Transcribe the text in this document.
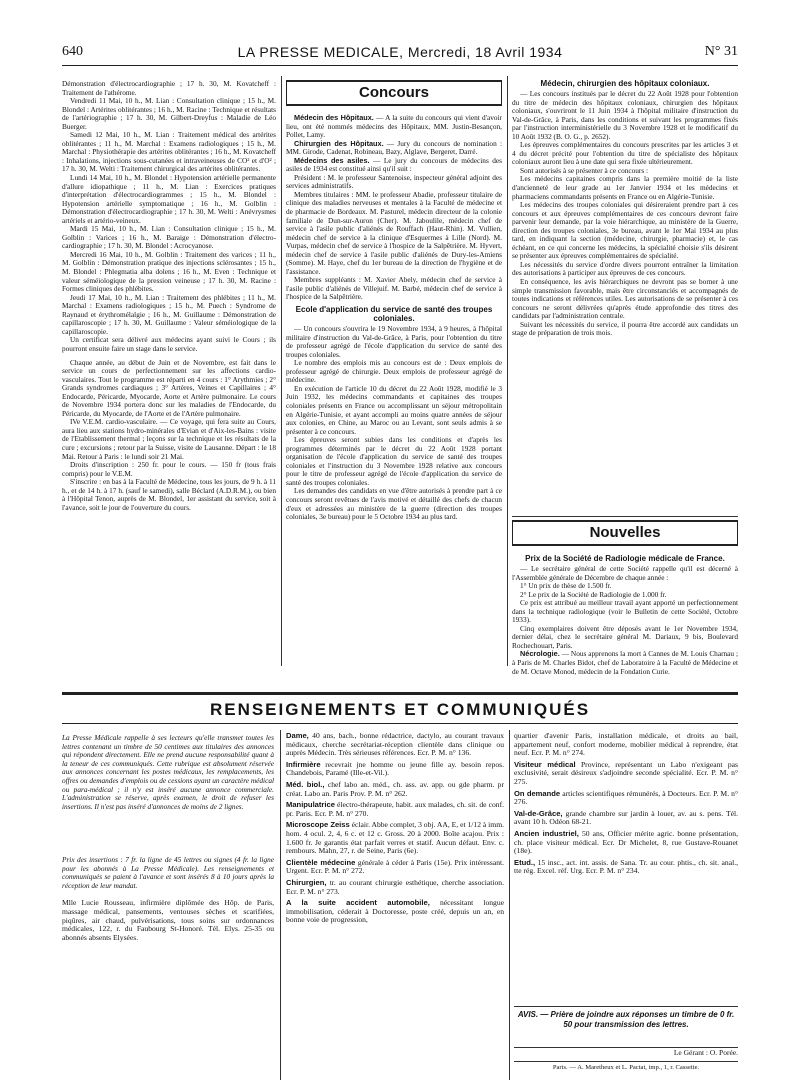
640	LA PRESSE MEDICALE, Mercredi, 18 Avril 1934	N° 31

Démonstration d'électrocardiographie ; 17 h. 30, M. Kovatcheff : Traitement de l'athérome.

Vendredi 11 Mai, 10 h., M. Lian : Consultation clinique ; 15 h., M. Blondel : Artérites oblitérantes ; 16 h., M. Racine : Technique et résultats de l'artériographie ; 17 h. 30, M. Gilbert-Dreyfus : Maladie de Léo Buerger.

Samedi 12 Mai, 10 h., M. Lian : Traitement médical des artérites oblitérantes ; 11 h., M. Marchal : Examens radiologiques ; 15 h., M. Marchal : Physiothérapie des artérites oblitérantes ; 16 h., M. Kovatcheff : Inhalations, injections sous-cutanées et intraveineuses de CO² et d'O² ; 17 h. 30, M. Welti : Traitement chirurgical des artérites oblitérantes.

Lundi 14 Mai, 10 h., M. Blondel : Hypotension artérielle permanente d'allure idiopathique ; 11 h., M. Lian : Exercices pratiques d'interprétation d'électrocardiogrammes ; 15 h., M. Blondel : Hypotension artérielle symptomatique ; 16 h., M. Golblin : Démonstration d'électrocardiographie ; 17 h. 30, M. Welti : Anévrysmes artériels et artério-veineux.

Mardi 15 Mai, 10 h., M. Lian : Consultation clinique ; 15 h., M. Golblin : Varices ; 16 h., M. Baraige : Démonstration d'électro-cardiographie ; 17 h. 30, M. Blondel : Acrocyanose.

Mercredi 16 Mai, 10 h., M. Golblin : Traitement des varices ; 11 h., M. Golblin : Démonstration pratique des injections sclérosantes ; 15 h., M. Blondel : Phlegmatia alba dolens ; 16 h., M. Even : Technique et valeur séméiologique de la pression veineuse ; 17 h. 30, M. Racine : Formes cliniques des phlébites.

Jeudi 17 Mai, 10 h., M. Lian : Traitement des phlébites ; 11 h., M. Marchal : Examens radiologiques ; 15 h., M. Puech : Syndrome de Raynaud et érythromélalgie ; 16 h., M. Guillaume : Démonstration de capillaroscopie ; 17 h. 30, M. Guillaume : Valeur séméiologique de la capillaroscopie.

Un certificat sera délivré aux médecins ayant suivi le Cours ; ils pourront ensuite faire un stage dans le service.

Chaque année, au début de Juin et de Novembre, est fait dans le service un cours de perfectionnement sur les affections cardio-vasculaires. Tout le programme est réparti en 4 cours : 1° Arythmies ; 2° Grands syndromes cardiaques ; 3° Artères, Veines et Capillaires ; 4° Endocarde, Péricarde, Myocarde, Aorte et Artère pulmonaire. Le cours de Novembre 1934 portera donc sur les maladies de l'Endocarde, du Péricarde, du Myocarde, de l'Aorte et de l'Artère pulmonaire.

IVe V.E.M. cardio-vasculaire. — Ce voyage, qui fera suite au Cours, aura lieu aux stations hydro-minérales d'Evian et d'Aix-les-Bains : visite de l'Etablissement thermal ; leçons sur la technique et les résultats de la cure ; excursions ; retour par la Suisse, visite de Lausanne. Départ : le 18 Mai. Retour à Paris : le lundi soir 21 Mai.

Droits d'inscription : 250 fr. pour le cours. — 150 fr (tous frais compris) pour le V.E.M.

S'inscrire : en bas à la Faculté de Médecine, tous les jours, de 9 h. à 11 h., et de 14 h. à 17 h. (sauf le samedi), salle Béclard (A.D.R.M.), ou bien à l'Hôpital Tenon, auprès de M. Blondel, 1er assistant du service, soit à l'avance, soit le jour de l'ouverture du cours.

Concours

Médecin des Hôpitaux. — A la suite du concours qui vient d'avoir lieu, ont été nommés médecins des Hôpitaux, MM. Justin-Besançon, Pollet, Lamy.

Chirurgien des Hôpitaux. — Jury du concours de nomination : MM. Girode, Cadenat, Robineau, Bazy, Alglave, Bergeret, Darré.

Médecins des asiles. — Le jury du concours de médecins des asiles de 1934 est constitué ainsi qu'il suit :

Président : M. le professeur Santenoise, inspecteur général adjoint des services administratifs.

Membres titulaires : MM. le professeur Abadie, professeur titulaire de clinique des maladies nerveuses et mentales à la Faculté de médecine et de pharmacie de Bordeaux. M. Pasturel, médecin directeur de la colonie familiale de Dun-sur-Auron (Cher). M. Jaboulile, médecin chef de service à l'asile public d'aliénés de Rouffach (Haut-Rhin). M. Vullien, médecin chef de service à la clinique d'Esquermes à Lille (Nord). M. Vurpas, médecin chef de service à l'hospice de la Salpêtrière. M. Hyvert, médecin chef de service à l'asile public d'aliénés de Dury-les-Amiens (Somme). M. Haye, chef du 1er bureau de la direction de l'hygiène et de l'assistance.

Membres suppléants : M. Xavier Abely, médecin chef de service à l'asile public d'aliénés de Villejuif. M. Barbé, médecin chef de service à l'hospice de la Salpêtrière.

Ecole d'application du service de santé des troupes coloniales.

— Un concours s'ouvrira le 19 Novembre 1934, à 9 heures, à l'hôpital militaire d'instruction du Val-de-Grâce, à Paris, pour l'obtention du titre de professeur agrégé de l'école d'application du service de santé des troupes coloniales.

Le nombre des emplois mis au concours est de : Deux emplois de professeur agrégé de chirurgie. Deux emplois de professeur agrégé de médecine.

En exécution de l'article 10 du décret du 22 Août 1928, modifié le 3 Juin 1932, les médecins commandants et capitaines des troupes coloniales présents en France ou accomplissant un séjour métropolitain en Algérie-Tunisie, et ayant accompli au moins quatre années de séjour aux colonies, en Chine, au Maroc ou au Levant, sont seuls admis à se présenter à ce concours.

Les épreuves seront subies dans les conditions et d'après les programmes déterminés par le décret du 22 Août 1928 portant organisation de l'école d'application du service de santé des troupes coloniales et l'instruction du 3 Novembre 1928 relative aux concours pour le titre de professeur agrégé de l'école d'application du service de santé des troupes coloniales.

Les demandes des candidats en vue d'être autorisés à prendre part à ce concours seront revêtues de l'avis motivé et détaillé des chefs de chacun d'eux et adressées au ministère de la guerre (direction des troupes coloniales, 3e bureau) pour le 5 Octobre 1934 au plus tard.

Médecin, chirurgien des hôpitaux coloniaux.

— Les concours institués par le décret du 22 Août 1928 pour l'obtention du titre de médecin des hôpitaux coloniaux, chirurgien des hôpitaux coloniaux, s'ouvriront le 11 Juin 1934 à l'hôpital militaire d'instruction du Val-de-Grâce, à Paris, dans les conditions et suivant les programmes fixés par l'instruction interministérielle du 3 Novembre 1928 et le modificatif du 10 Août 1932 (B. O. G., p. 2652).

Les épreuves complémentaires du concours prescrites par les articles 3 et 4 du décret précité pour l'obtention du titre de spécialiste des hôpitaux coloniaux auront lieu à une date qui sera fixée ultérieurement.

Sont autorisés à se présenter à ce concours :

Les médecins capitaines compris dans la première moitié de la liste d'ancienneté de leur grade au 1er Janvier 1934 et les médecins et pharmaciens commandants présents en France ou en Algérie-Tunisie.

Les médecins des troupes coloniales qui désireraient prendre part à ces concours et aux épreuves complémentaires de ces concours devront faire parvenir leur demande, par la voie hiérarchique, au ministère de la Guerre, direction des troupes coloniales, 3e bureau, avant le 1er Mai 1934 au plus tard, en indiquant la section (médecine, chirurgie, pharmacie) et, le cas échéant, en ce qui concerne les médecins, la spécialité choisie s'ils désirent se présenter aux épreuves complémentaires de spécialité.

Les nécessités du service d'ordre divers pourront entraîner la limitation des autorisations à participer aux épreuves de ces concours.

En conséquence, les avis hiérarchiques ne devront pas se borner à une simple transmission favorable, mais être circonstanciés et accompagnés de toutes indications et références utiles. Les autorisations de se présenter à ces concours ne seront délivrées qu'après étude approfondie des titres des candidats par l'administration centrale.

Suivant les nécessités du service, il pourra être accordé aux candidats un stage de préparation de trois mois.

Nouvelles
Prix de la Société de Radiologie médicale de France.

— Le secrétaire général de cette Société rappelle qu'il est décerné à l'Assemblée générale de Décembre de chaque année :

1° Un prix de thèse de 1.500 fr.

2° Le prix de la Société de Radiologie de 1.000 fr.

Ce prix est attribué au meilleur travail ayant apporté un perfectionnement dans la technique radiologique (voir le Bulletin de cette Société, Octobre 1933).

Cinq exemplaires doivent être déposés avant le 1er Novembre 1934, dernier délai, chez le secrétaire général M. Dariaux, 9 bis, Boulevard Rochechouart, Paris.

Nécrologie. — Nous apprenons la mort à Cannes de M. Louis Charnau ; à Paris de M. Charles Bidot, chef de Laboratoire à la Faculté de Médecine et de M. Octave Monod, médecin de la Fondation Curie.

RENSEIGNEMENTS ET COMMUNIQUÉS

La Presse Médicale rappelle à ses lecteurs qu'elle transmet toutes les lettres contenant un timbre de 50 centimes aux titulaires des annonces qui répondent directement. Elle ne prend aucune responsabilité quant à la teneur de ces communiqués. Cette rubrique est absolument réservée aux annonces concernant les postes médicaux, les remplacements, les offres ou demandes d'emplois ou de cessions ayant un caractère médical ou para-médical ; il n'y est inséré aucune annonce commerciale. L'administration se réserve, après examen, le droit de refuser les insertions. Il n'est pas inséré d'annonces de moins de 2 lignes.

Prix des insertions : 7 fr. la ligne de 45 lettres ou signes (4 fr. la ligne pour les abonnés à La Presse Médicale). Les renseignements et communiqués se paient à l'avance et sont insérés 8 à 10 jours après la réception de leur mandat.

Mlle Lucie Rousseau, infirmière diplômée des Hôp. de Paris, massage médical, pansements, ventouses sèches et scarifiées, piqûres, air chaud, pulvérisations, tous soins sur ordonnances médicales, 122, r. du Faubourg St-Honoré. Tél. Elys. 25-35 ou abonnés absents Elysées.

Dame, 40 ans, bach., bonne rédactrice, dactylo, au courant travaux médicaux, cherche secrétariat-réception clientèle dans clinique ou auprès Médecin. Très sérieuses références. Ecr. P. M. n° 136.

Infirmière recevrait jne homme ou jeune fille ay. besoin repos. Chandebois, Paramé (Ille-et-Vil.).

Méd. biol., chef labo an. méd., ch. ass. av. app. ou gde pharm. pr créat. Labo an. Paris Prov. P. M. n° 262.

Manipulatrice électro-thérapeute, habit. aux malades, ch. sit. de conf. pr. Paris. Ecr. P. M. n° 270.

Microscope Zeiss éclair. Abbe complet, 3 obj. AA, E, et 1/12 à imm. hom. 4 ocul. 2, 4, 6 c. et 12 c. Gross. 20 à 2000. Boîte acajou. Prix : 1.600 fr. Je garantis état parfait verres et statif. Aucun défaut. Env. c. rembours. Mahn, 27, r. de Seine, Paris (6e).

Clientèle médecine générale à céder à Paris (15e). Prix intéressant. Urgent. Ecr. P. M. n° 272.

Chirurgien, tr. au courant chirurgie esthétique, cherche association. Ecr. P. M. n° 273.

A la suite accident automobile, nécessitant longue immobilisation, céderait à Doctoresse, poste créé, depuis un an, en bonne voie de progression,

quartier d'avenir Paris, installation médicale, et droits au bail, appartement neuf, confort moderne, mobilier médical à reprendre, état neuf. Ecr. P. M. n° 274.

Visiteur médical Province, représentant un Labo n'exigeant pas exclusivité, serait désireux s'adjoindre seconde spécialité. Ecr. P. M. n° 275.

On demande articles scientifiques rémunérés, à Docteurs. Ecr. P. M. n° 276.

Val-de-Grâce, grande chambre sur jardin à louer, av. au s. pens. Tél. avant 10 h. Odéon 68-21.

Ancien industriel, 50 ans, Officier mérite agric. bonne présentation, ch. place visiteur médical. Ecr. Dr Michelet, 8, rue Gustave-Rouanet (18e).

Etud., 15 insc., act. int. assis. de Sana. Tr. au cour. phtis., ch. sit. anal., tte rég. Excel. réf. Urg. Ecr. P. M. n° 234.

AVIS. — Prière de joindre aux réponses un timbre de 0 fr. 50 pour transmission des lettres.
Le Gérant : O. Porée.
Paris. — A. Maretheux et L. Pactat, imp., 1, r. Cassette.
